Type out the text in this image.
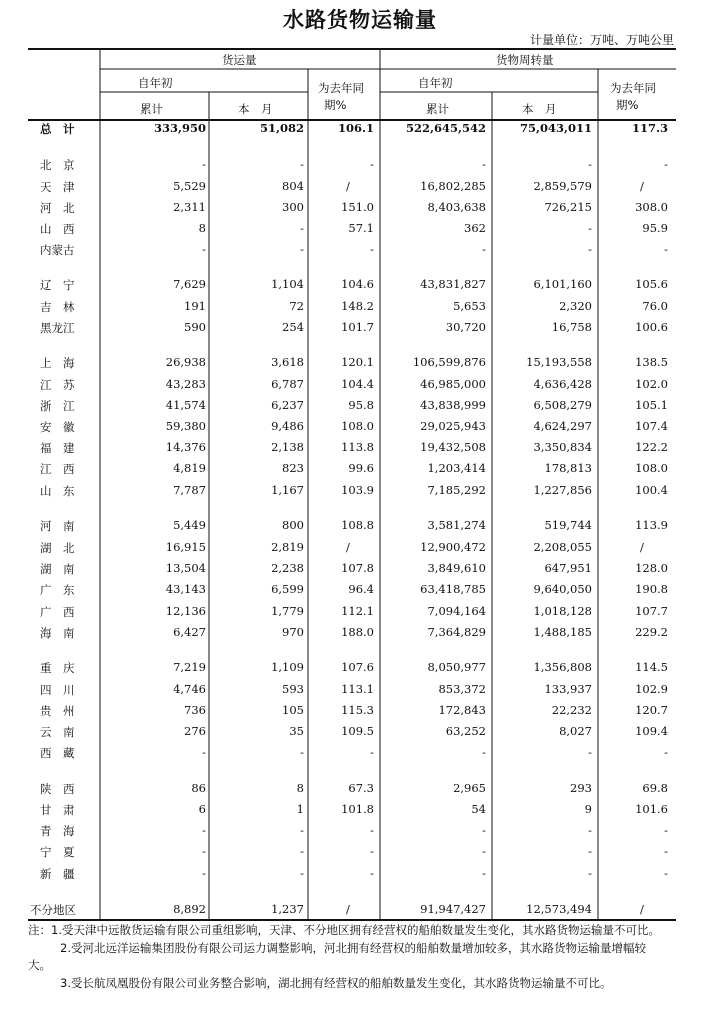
水路货物运输量
计量单位：万吨、万吨公里
货运量	货物周转量
自年初	自年初
累计	累计
本　月	本　月
为去年同
期%
为去年同
期%
总　计	333,950	51,082	106.1	522,645,542	75,043,011	117.3
北　京	-	-	-	-	-	-
天　津	5,529	804	/	16,802,285	2,859,579	/
河　北	2,311	300	151.0	8,403,638	726,215	308.0
山　西	8	-	57.1	362	-	95.9
内蒙古	-	-	-	-	-	-
辽　宁	7,629	1,104	104.6	43,831,827	6,101,160	105.6
吉　林	191	72	148.2	5,653	2,320	76.0
黑龙江	590	254	101.7	30,720	16,758	100.6
上　海	26,938	3,618	120.1	106,599,876	15,193,558	138.5
江　苏	43,283	6,787	104.4	46,985,000	4,636,428	102.0
浙　江	41,574	6,237	95.8	43,838,999	6,508,279	105.1
安　徽	59,380	9,486	108.0	29,025,943	4,624,297	107.4
福　建	14,376	2,138	113.8	19,432,508	3,350,834	122.2
江　西	4,819	823	99.6	1,203,414	178,813	108.0
山　东	7,787	1,167	103.9	7,185,292	1,227,856	100.4
河　南	5,449	800	108.8	3,581,274	519,744	113.9
湖　北	16,915	2,819	/	12,900,472	2,208,055	/
湖　南	13,504	2,238	107.8	3,849,610	647,951	128.0
广　东	43,143	6,599	96.4	63,418,785	9,640,050	190.8
广　西	12,136	1,779	112.1	7,094,164	1,018,128	107.7
海　南	6,427	970	188.0	7,364,829	1,488,185	229.2
重　庆	7,219	1,109	107.6	8,050,977	1,356,808	114.5
四　川	4,746	593	113.1	853,372	133,937	102.9
贵　州	736	105	115.3	172,843	22,232	120.7
云　南	276	35	109.5	63,252	8,027	109.4
西　藏	-	-	-	-	-	-
陕　西	86	8	67.3	2,965	293	69.8
甘　肃	6	1	101.8	54	9	101.6
青　海	-	-	-	-	-	-
宁　夏	-	-	-	-	-	-
新　疆	-	-	-	-	-	-
不分地区	8,892	1,237	/	91,947,427	12,573,494	/

注：1.受天津中远散货运输有限公司重组影响，天津、不分地区拥有经营权的船舶数量发生变化，其水路货物运输量不可比。

2.受河北远洋运输集团股份有限公司运力调整影响，河北拥有经营权的船舶数量增加较多，其水路货物运输量增幅较大。

3.受长航凤凰股份有限公司业务整合影响，湖北拥有经营权的船舶数量发生变化，其水路货物运输量不可比。
